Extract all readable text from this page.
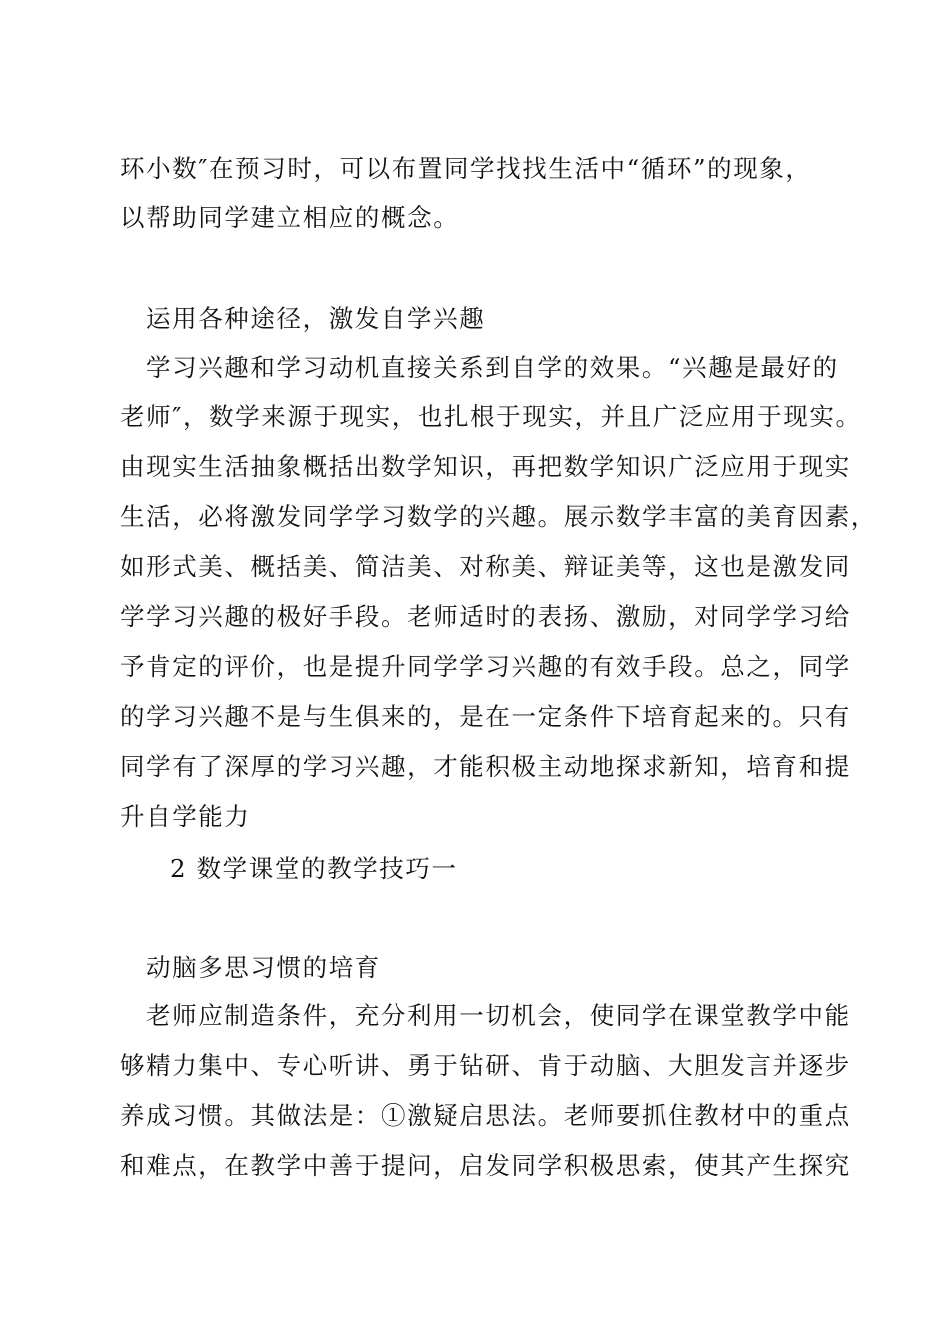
环小数″在预习时，可以布置同学找找生活中“循环”的现象，
以帮助同学建立相应的概念。
运用各种途径，激发自学兴趣
学习兴趣和学习动机直接关系到自学的效果。“兴趣是最好的
老师″，数学来源于现实，也扎根于现实，并且广泛应用于现实。
由现实生活抽象概括出数学知识，再把数学知识广泛应用于现实
生活，必将激发同学学习数学的兴趣。展示数学丰富的美育因素，
如形式美、概括美、简洁美、对称美、辩证美等，这也是激发同
学学习兴趣的极好手段。老师适时的表扬、激励，对同学学习给
予肯定的评价，也是提升同学学习兴趣的有效手段。总之，同学
的学习兴趣不是与生俱来的，是在一定条件下培育起来的。只有
同学有了深厚的学习兴趣，才能积极主动地探求新知，培育和提
升自学能力
2 数学课堂的教学技巧一
动脑多思习惯的培育
老师应制造条件，充分利用一切机会，使同学在课堂教学中能
够精力集中、专心听讲、勇于钻研、肯于动脑、大胆发言并逐步
养成习惯。其做法是：①激疑启思法。老师要抓住教材中的重点
和难点，在教学中善于提问，启发同学积极思索，使其产生探究
